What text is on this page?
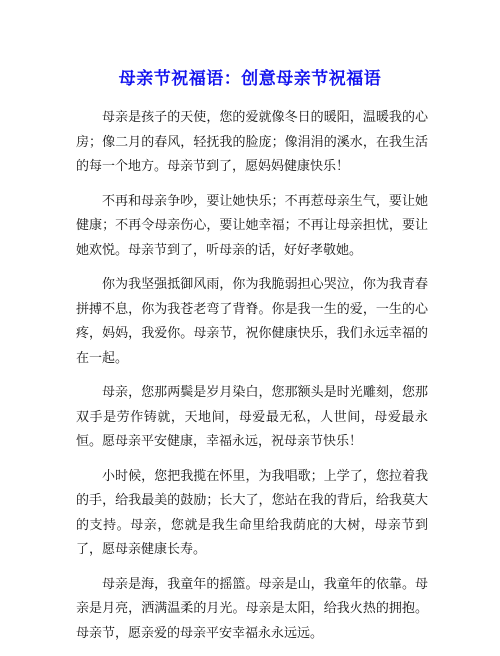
母亲节祝福语：创意母亲节祝福语

母亲是孩子的天使，您的爱就像冬日的暖阳，温暖我的心房；像二月的春风，轻抚我的脸庞；像涓涓的溪水，在我生活的每一个地方。母亲节到了，愿妈妈健康快乐！

不再和母亲争吵，要让她快乐；不再惹母亲生气，要让她健康；不再令母亲伤心，要让她幸福；不再让母亲担忧，要让她欢悦。母亲节到了，听母亲的话，好好孝敬她。

你为我坚强抵御风雨，你为我脆弱担心哭泣，你为我青春拼搏不息，你为我苍老弯了背脊。你是我一生的爱，一生的心疼，妈妈，我爱你。母亲节，祝你健康快乐，我们永远幸福的在一起。

母亲，您那两鬓是岁月染白，您那额头是时光雕刻，您那双手是劳作铸就，天地间，母爱最无私，人世间，母爱最永恒。愿母亲平安健康，幸福永远，祝母亲节快乐！

小时候，您把我揽在怀里，为我唱歌；上学了，您拉着我的手，给我最美的鼓励；长大了，您站在我的背后，给我莫大的支持。母亲，您就是我生命里给我荫庇的大树，母亲节到了，愿母亲健康长寿。

母亲是海，我童年的摇篮。母亲是山，我童年的依靠。母亲是月亮，洒满温柔的月光。母亲是太阳，给我火热的拥抱。母亲节，愿亲爱的母亲平安幸福永永远远。
